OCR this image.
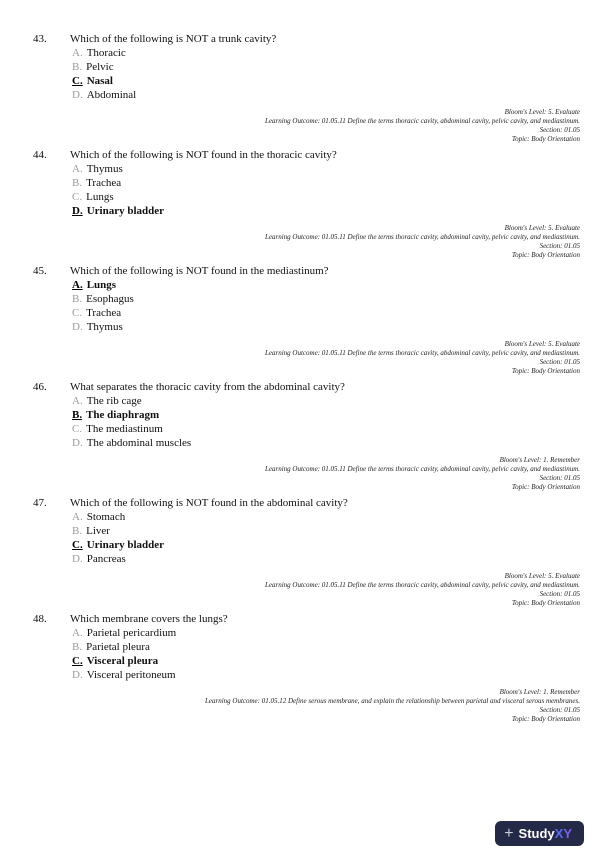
43.	Which of the following is NOT a trunk cavity?
A. Thoracic
B. Pelvic
C. Nasal
D. Abdominal
Bloom's Level: 5. Evaluate
Learning Outcome: 01.05.11 Define the terms thoracic cavity, abdominal cavity, pelvic cavity, and mediastinum.
Section: 01.05
Topic: Body Orientation
44.	Which of the following is NOT found in the thoracic cavity?
A. Thymus
B. Trachea
C. Lungs
D. Urinary bladder
Bloom's Level: 5. Evaluate
Learning Outcome: 01.05.11 Define the terms thoracic cavity, abdominal cavity, pelvic cavity, and mediastinum.
Section: 01.05
Topic: Body Orientation
45.	Which of the following is NOT found in the mediastinum?
A. Lungs
B. Esophagus
C. Trachea
D. Thymus
Bloom's Level: 5. Evaluate
Learning Outcome: 01.05.11 Define the terms thoracic cavity, abdominal cavity, pelvic cavity, and mediastinum.
Section: 01.05
Topic: Body Orientation
46.	What separates the thoracic cavity from the abdominal cavity?
A. The rib cage
B. The diaphragm
C. The mediastinum
D. The abdominal muscles
Bloom's Level: 1. Remember
Learning Outcome: 01.05.11 Define the terms thoracic cavity, abdominal cavity, pelvic cavity, and mediastinum.
Section: 01.05
Topic: Body Orientation
47.	Which of the following is NOT found in the abdominal cavity?
A. Stomach
B. Liver
C. Urinary bladder
D. Pancreas
Bloom's Level: 5. Evaluate
Learning Outcome: 01.05.11 Define the terms thoracic cavity, abdominal cavity, pelvic cavity, and mediastinum.
Section: 01.05
Topic: Body Orientation
48.	Which membrane covers the lungs?
A. Parietal pericardium
B. Parietal pleura
C. Visceral pleura
D. Visceral peritoneum
Bloom's Level: 1. Remember
Learning Outcome: 01.05.12 Define serous membrane, and explain the relationship between parietal and visceral serous membranes.
Section: 01.05
Topic: Body Orientation
+ Study XY
